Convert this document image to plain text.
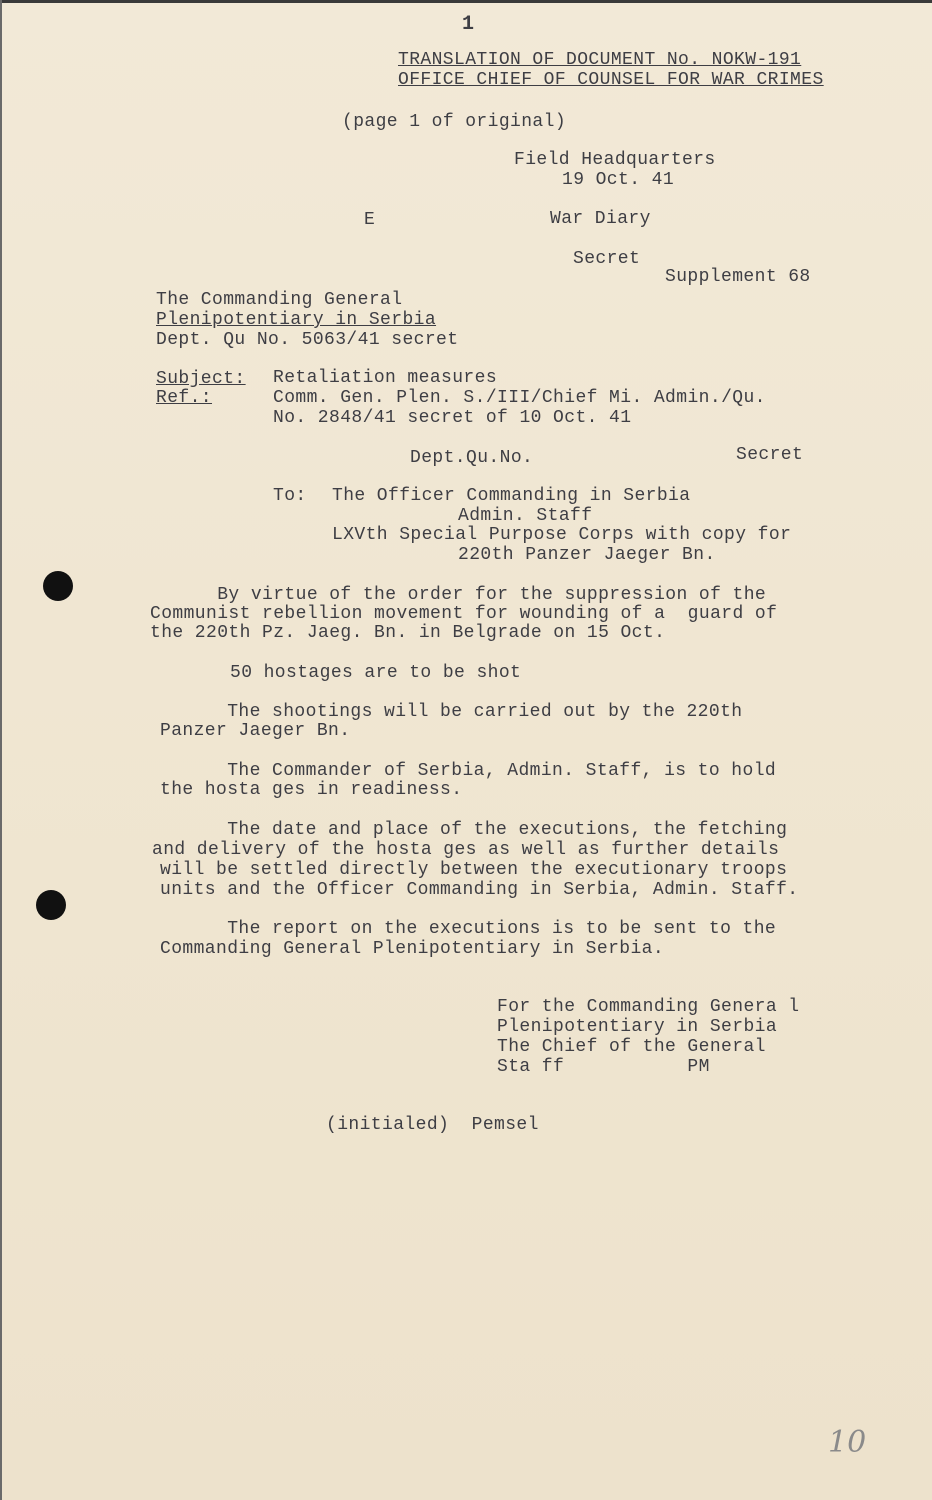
1
TRANSLATION OF DOCUMENT No. NOKW-191
OFFICE CHIEF OF COUNSEL FOR WAR CRIMES
(page 1 of original)
Field Headquarters
19 Oct. 41
E	War Diary
Secret
Supplement 68
The Commanding General
Plenipotentiary in Serbia
Dept. Qu No. 5063/41 secret
Subject: Retaliation measures
Ref.:	Comm. Gen. Plen. S./III/Chief Mi. Admin./Qu.
No. 2848/41 secret of 10 Oct. 41
Dept.Qu.No.	Secret
To: The Officer Commanding in Serbia
Admin. Staff
LXVth Special Purpose Corps with copy for
220th Panzer Jaeger Bn.
By virtue of the order for the suppression of the
Communist rebellion movement for wounding of a  guard of
the 220th Pz. Jaeg. Bn. in Belgrade on 15 Oct.
50 hostages are to be shot
The shootings will be carried out by the 220th
Panzer Jaeger Bn.
The Commander of Serbia, Admin. Staff, is to hold
the hosta ges in readiness.
The date and place of the executions, the fetching
and delivery of the hosta ges as well as further details
will be settled directly between the executionary troops
units and the Officer Commanding in Serbia, Admin. Staff.
The report on the executions is to be sent to the
Commanding General Plenipotentiary in Serbia.
For the Commanding Genera l
Plenipotentiary in Serbia
The Chief of the General
Sta ff           PM
(initialed)  Pemsel
10
